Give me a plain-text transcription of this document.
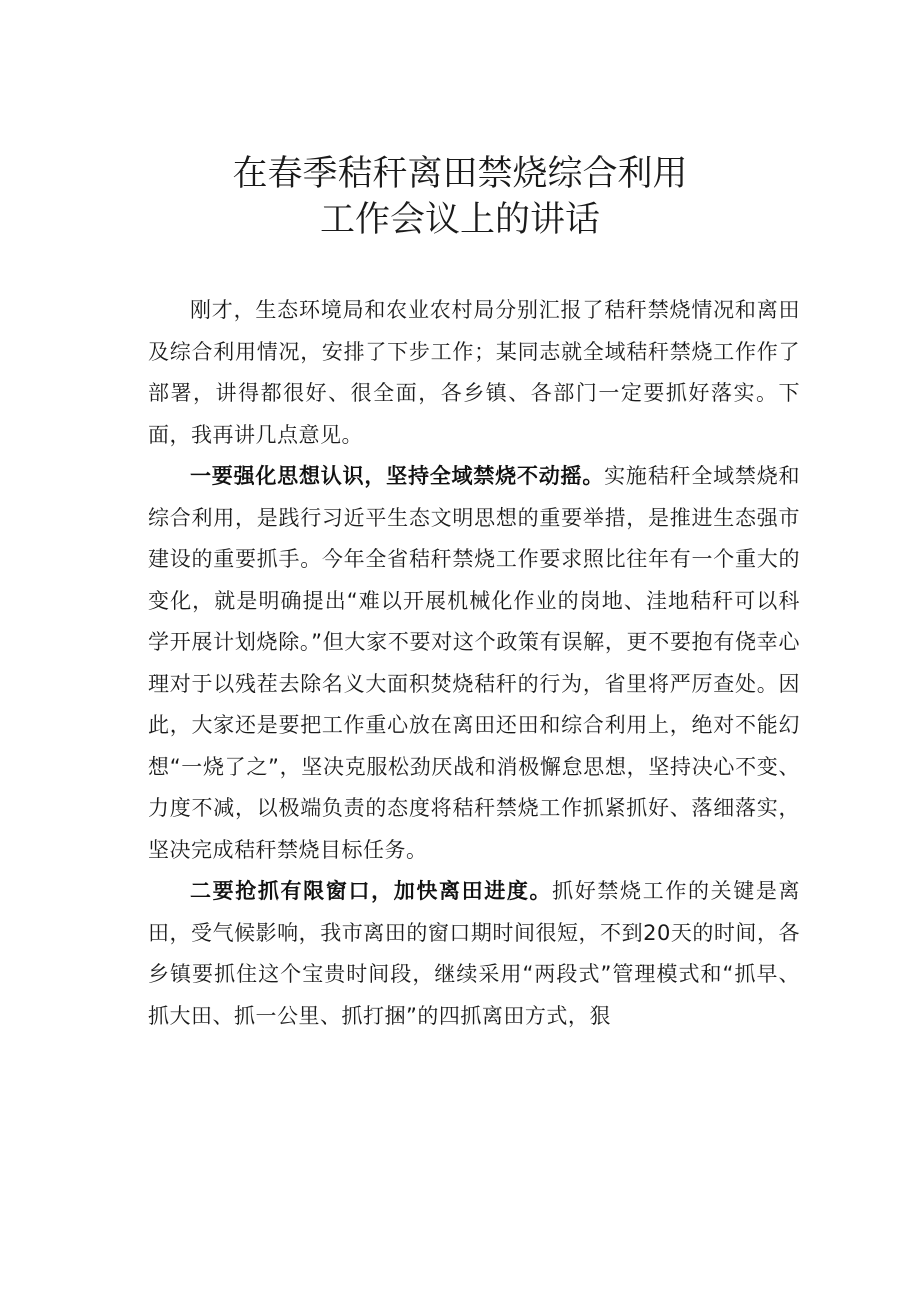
在春季秸秆离田禁烧综合利用
工作会议上的讲话

刚才，生态环境局和农业农村局分别汇报了秸秆禁烧情况和离田及综合利用情况，安排了下步工作；某同志就全域秸秆禁烧工作作了部署，讲得都很好、很全面，各乡镇、各部门一定要抓好落实。下面，我再讲几点意见。

一要强化思想认识，坚持全域禁烧不动摇。实施秸秆全域禁烧和综合利用，是践行习近平生态文明思想的重要举措，是推进生态强市建设的重要抓手。今年全省秸秆禁烧工作要求照比往年有一个重大的变化，就是明确提出“难以开展机械化作业的岗地、洼地秸秆可以科学开展计划烧除。”但大家不要对这个政策有误解，更不要抱有侥幸心理对于以残茬去除名义大面积焚烧秸秆的行为，省里将严厉查处。因此，大家还是要把工作重心放在离田还田和综合利用上，绝对不能幻想“一烧了之”，坚决克服松劲厌战和消极懈怠思想，坚持决心不变、力度不减，以极端负责的态度将秸秆禁烧工作抓紧抓好、落细落实，坚决完成秸秆禁烧目标任务。

二要抢抓有限窗口，加快离田进度。抓好禁烧工作的关键是离田，受气候影响，我市离田的窗口期时间很短，不到20天的时间，各乡镇要抓住这个宝贵时间段，继续采用“两段式”管理模式和“抓早、抓大田、抓一公里、抓打捆”的四抓离田方式，狠
